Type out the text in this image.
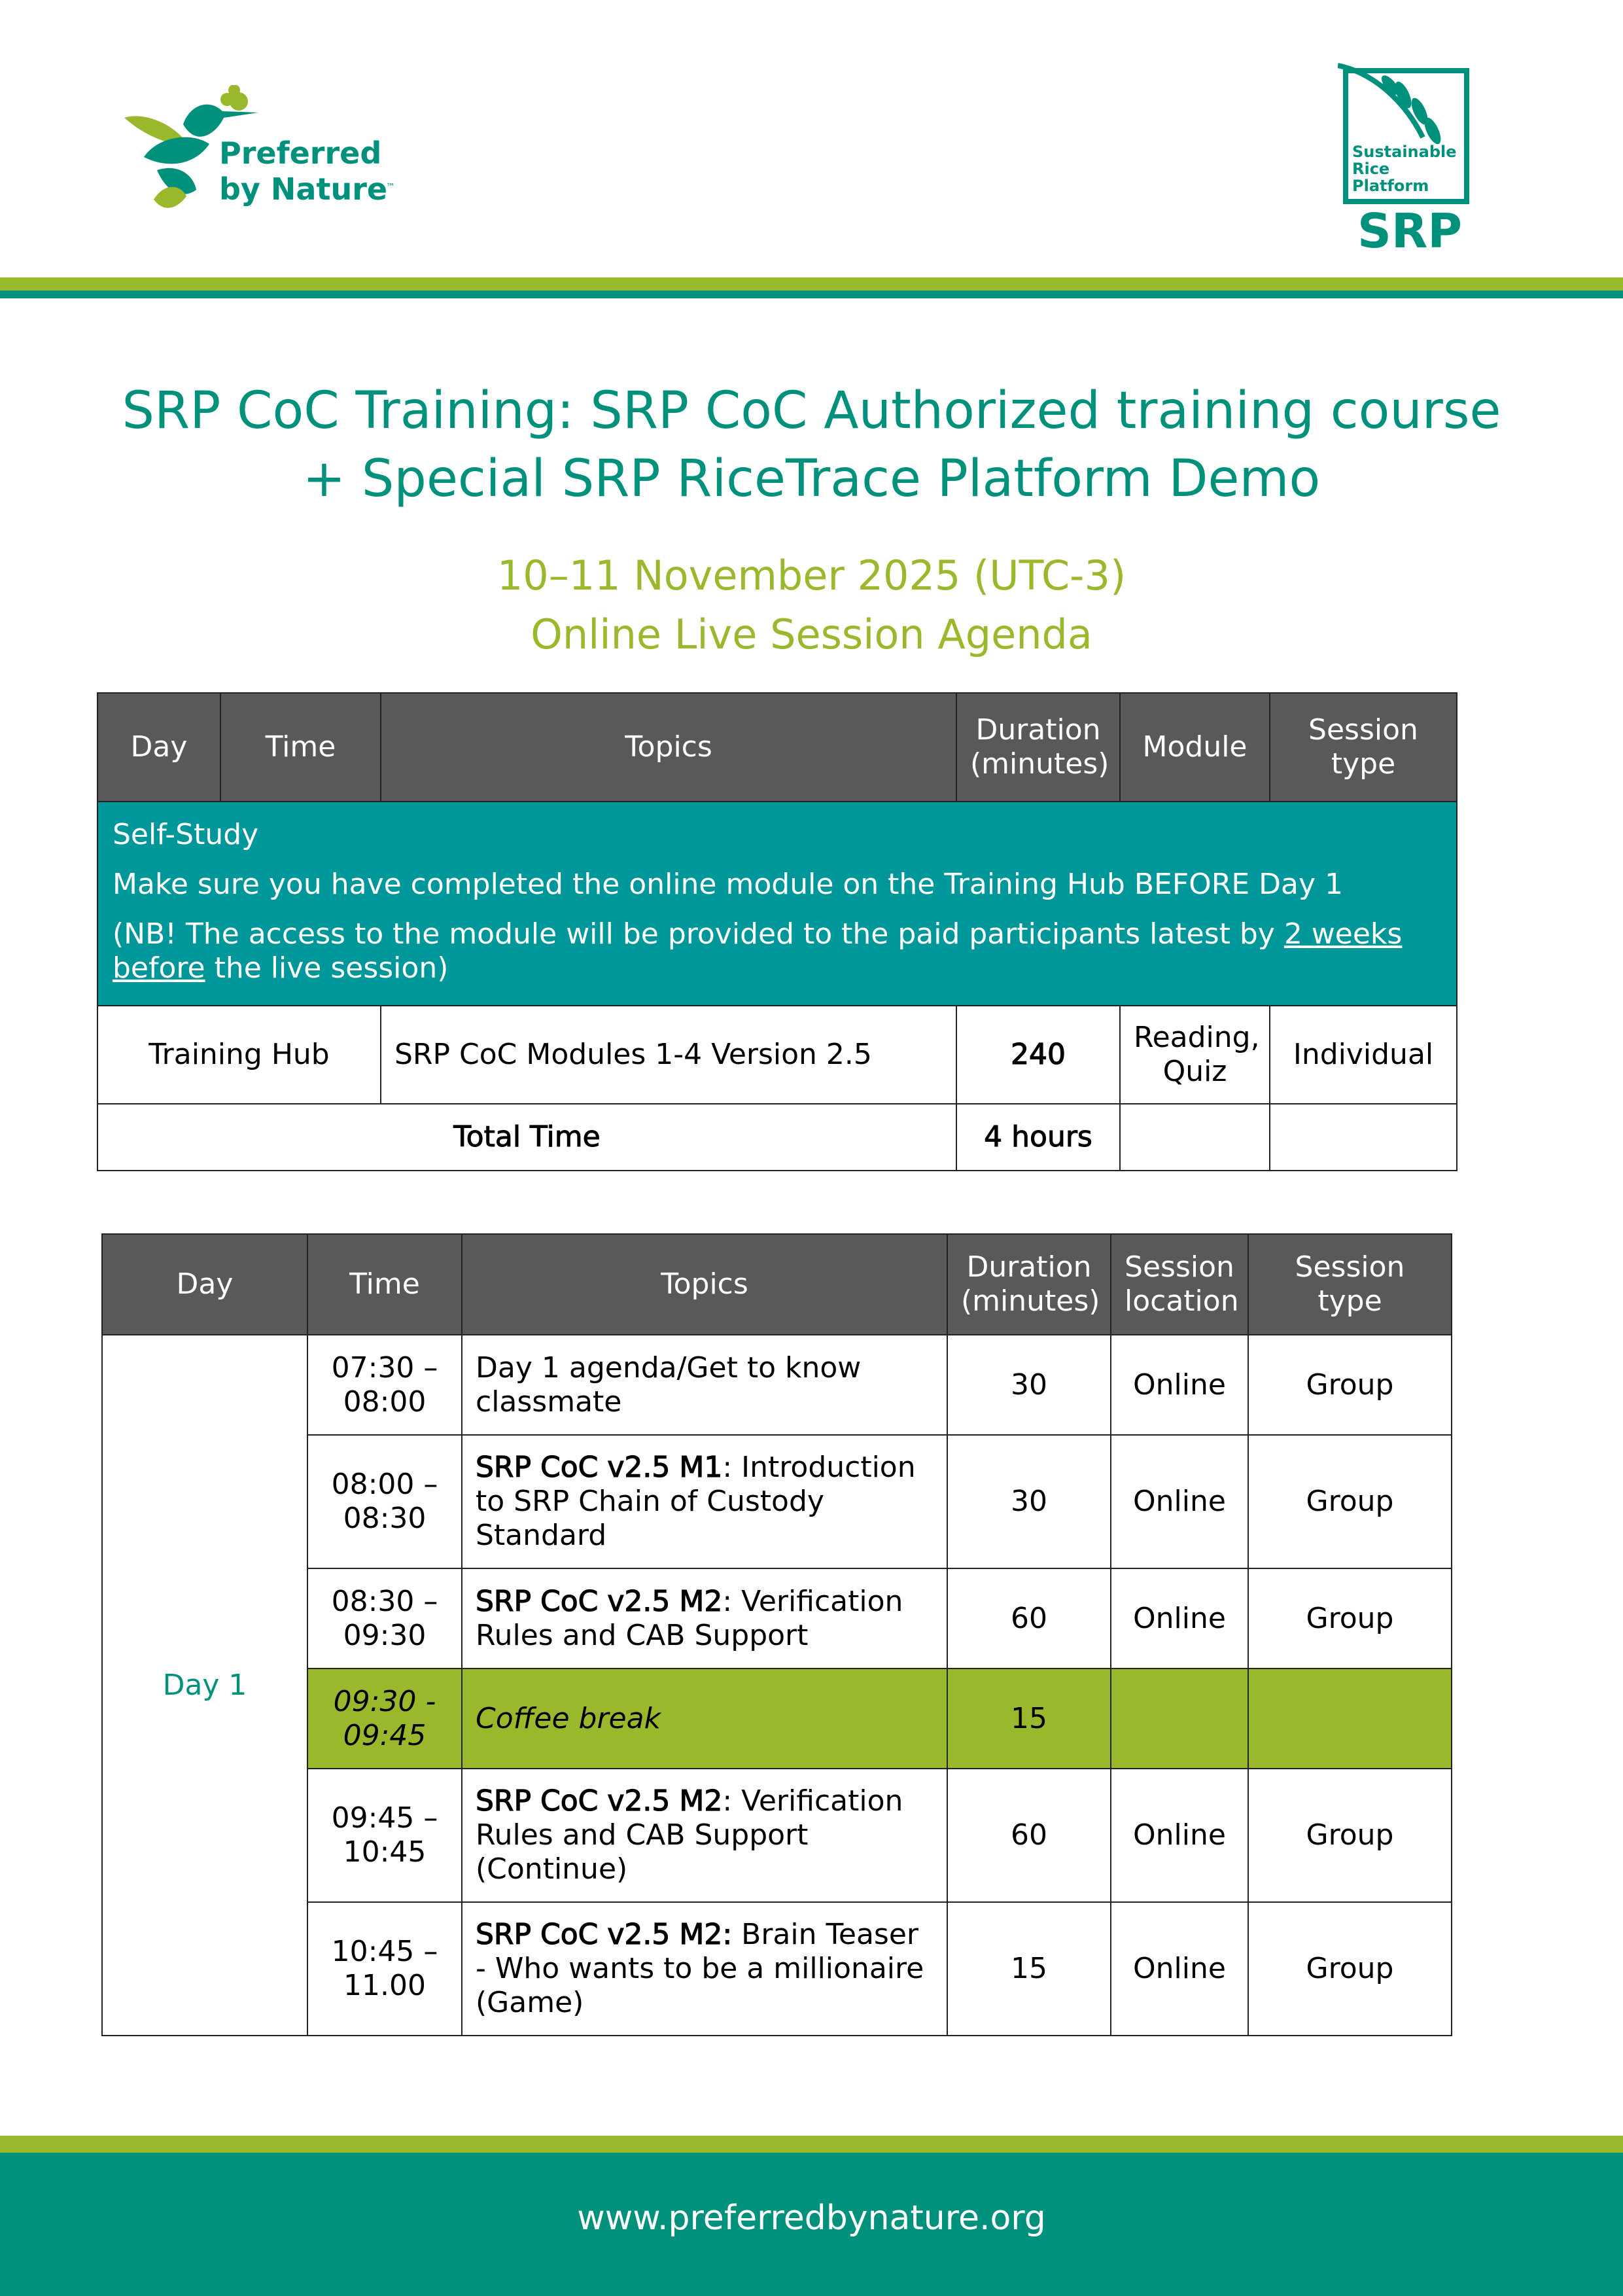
Preferred
by Nature
™
Sustainable
Rice
Platform
SRP
SRP CoC Training: SRP CoC Authorized training course
+ Special SRP RiceTrace Platform Demo
10–11 November 2025 (UTC-3)
Online Live Session Agenda
Day	Time	Topics	Duration
(minutes)	Module	Session
type

Self-Study

Make sure you have completed the online module on the Training Hub BEFORE Day 1

(NB! The access to the module will be provided to the paid participants latest by 2 weeks before the live session)					

Training Hub		SRP CoC Modules 1-4 Version 2.5	240	Reading,
Quiz	Individual
Total Time			4 hours		
Day	Time	Topics	Duration
(minutes)	Session
location	Session
type
Day 1	07:30 –
08:00	Day 1 agenda/Get to know classmate	30	Online	Group
	08:00 –
08:30	SRP CoC v2.5 M1: Introduction to SRP Chain of Custody Standard	30	Online	Group
	08:30 –
09:30	SRP CoC v2.5 M2: Verification Rules and CAB Support	60	Online	Group
	09:30 -
09:45	Coffee break	15		
	09:45 –
10:45	SRP CoC v2.5 M2: Verification Rules and CAB Support (Continue)	60	Online	Group
	10:45 –
11.00	SRP CoC v2.5 M2: Brain Teaser - Who wants to be a millionaire (Game)	15	Online	Group
www.preferredbynature.org
